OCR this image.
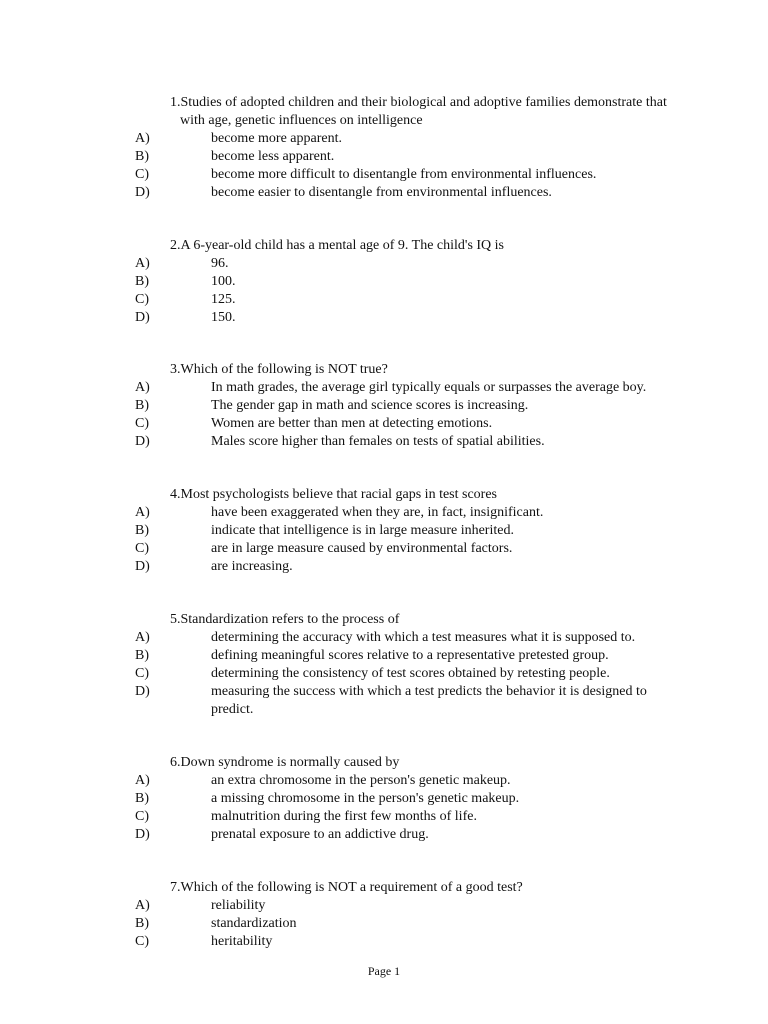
1.Studies of adopted children and their biological and adoptive families demonstrate that
with age, genetic influences on intelligence
A)	become more apparent.
B)	become less apparent.
C)	become more difficult to disentangle from environmental influences.
D)	become easier to disentangle from environmental influences.
2.A 6-year-old child has a mental age of 9. The child's IQ is
A)	96.
B)	100.
C)	125.
D)	150.
3.Which of the following is NOT true?
A)	In math grades, the average girl typically equals or surpasses the average boy.
B)	The gender gap in math and science scores is increasing.
C)	Women are better than men at detecting emotions.
D)	Males score higher than females on tests of spatial abilities.
4.Most psychologists believe that racial gaps in test scores
A)	have been exaggerated when they are, in fact, insignificant.
B)	indicate that intelligence is in large measure inherited.
C)	are in large measure caused by environmental factors.
D)	are increasing.
5.Standardization refers to the process of
A)	determining the accuracy with which a test measures what it is supposed to.
B)	defining meaningful scores relative to a representative pretested group.
C)	determining the consistency of test scores obtained by retesting people.
D)	measuring the success with which a test predicts the behavior it is designed to predict.
6.Down syndrome is normally caused by
A)	an extra chromosome in the person's genetic makeup.
B)	a missing chromosome in the person's genetic makeup.
C)	malnutrition during the first few months of life.
D)	prenatal exposure to an addictive drug.
7.Which of the following is NOT a requirement of a good test?
A)	reliability
B)	standardization
C)	heritability
Page 1
